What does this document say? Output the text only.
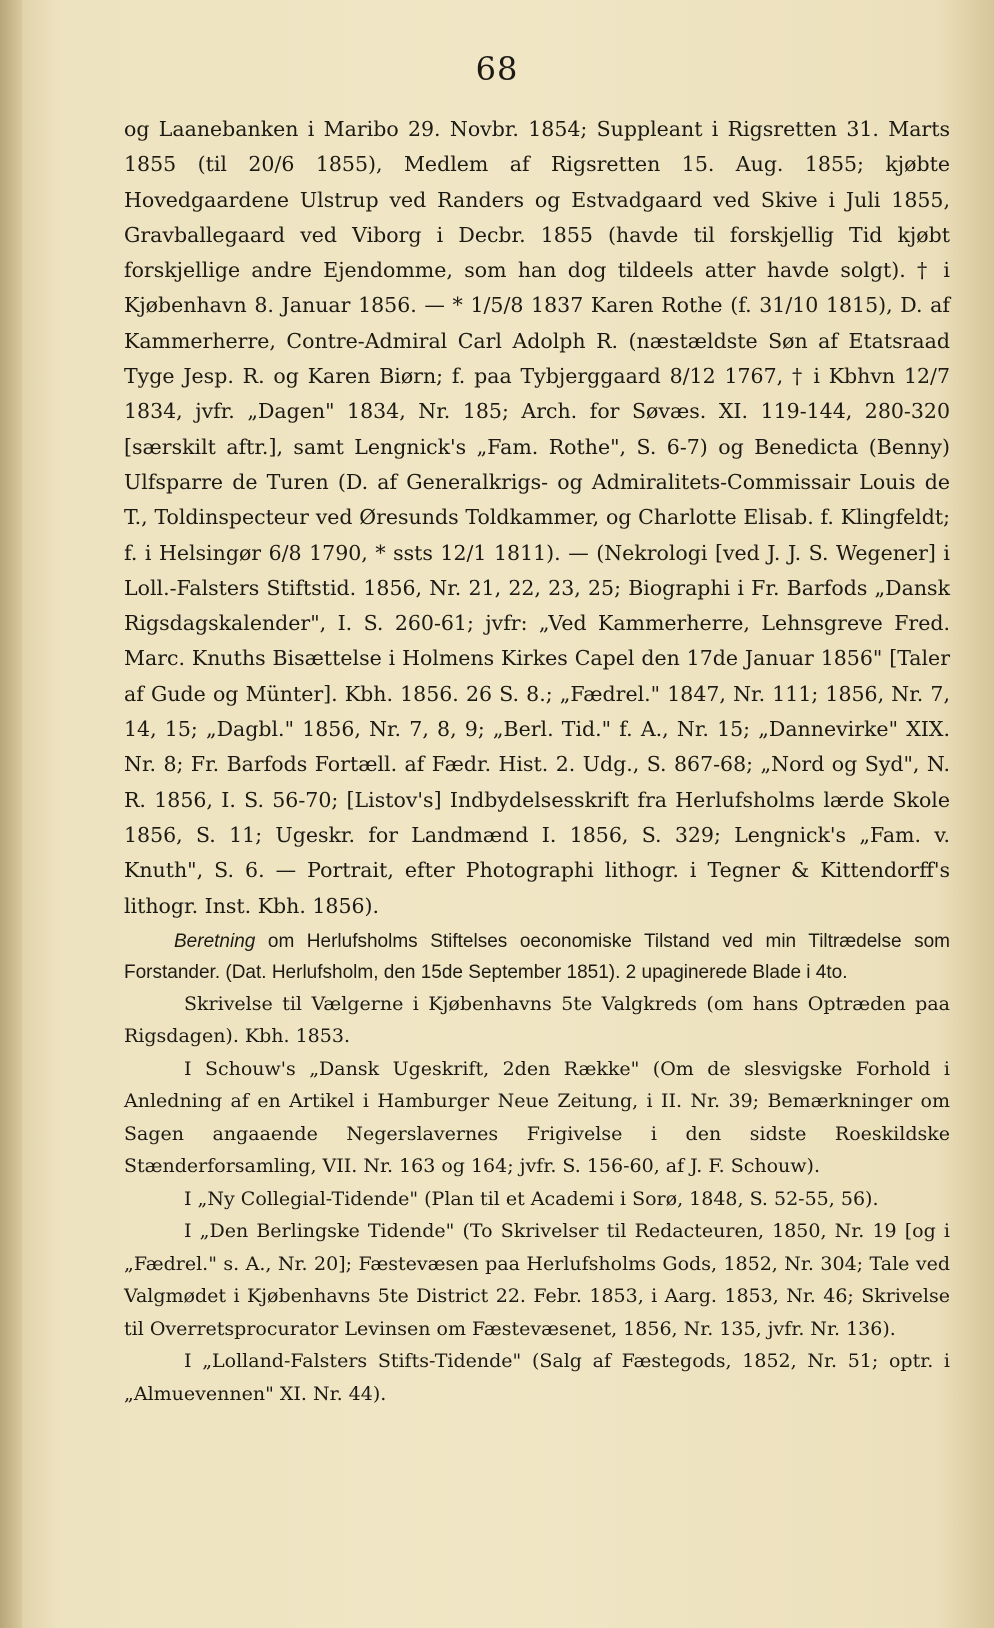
68

og Laanebanken i Maribo 29. Novbr. 1854; Suppleant i Rigsretten 31. Marts 1855 (til 20/6 1855), Medlem af Rigsretten 15. Aug. 1855; kjøbte Hovedgaardene Ulstrup ved Randers og Estvadgaard ved Skive i Juli 1855, Gravballegaard ved Viborg i Decbr. 1855 (havde til forskjellig Tid kjøbt forskjellige andre Ejendomme, som han dog tildeels atter havde solgt). † i Kjøbenhavn 8. Januar 1856. — * 1/5/8 1837 Karen Rothe (f. 31/10 1815), D. af Kammerherre, Contre-Admiral Carl Adolph R. (næstældste Søn af Etatsraad Tyge Jesp. R. og Karen Biørn; f. paa Tybjerggaard 8/12 1767, † i Kbhvn 12/7 1834, jvfr. „Dagen" 1834, Nr. 185; Arch. for Søvæs. XI. 119-144, 280-320 [særskilt aftr.], samt Lengnick's „Fam. Rothe", S. 6-7) og Benedicta (Benny) Ulfsparre de Turen (D. af Generalkrigs- og Admiralitets-Commissair Louis de T., Toldinspecteur ved Øresunds Toldkammer, og Charlotte Elisab. f. Klingfeldt; f. i Helsingør 6/8 1790, * ssts 12/1 1811). — (Nekrologi [ved J. J. S. Wegener] i Loll.-Falsters Stiftstid. 1856, Nr. 21, 22, 23, 25; Biographi i Fr. Barfods „Dansk Rigsdagskalender", I. S. 260-61; jvfr: „Ved Kammerherre, Lehnsgreve Fred. Marc. Knuths Bisættelse i Holmens Kirkes Capel den 17de Januar 1856" [Taler af Gude og Münter]. Kbh. 1856. 26 S. 8.; „Fædrel." 1847, Nr. 111; 1856, Nr. 7, 14, 15; „Dagbl." 1856, Nr. 7, 8, 9; „Berl. Tid." f. A., Nr. 15; „Dannevirke" XIX. Nr. 8; Fr. Barfods Fortæll. af Fædr. Hist. 2. Udg., S. 867-68; „Nord og Syd", N. R. 1856, I. S. 56-70; [Listov's] Indbydelsesskrift fra Herlufsholms lærde Skole 1856, S. 11; Ugeskr. for Landmænd I. 1856, S. 329; Lengnick's „Fam. v. Knuth", S. 6. — Portrait, efter Photographi lithogr. i Tegner & Kittendorff's lithogr. Inst. Kbh. 1856).

Beretning om Herlufsholms Stiftelses oeconomiske Tilstand ved min Tiltrædelse som Forstander. (Dat. Herlufsholm, den 15de September 1851). 2 upaginerede Blade i 4to.

Skrivelse til Vælgerne i Kjøbenhavns 5te Valgkreds (om hans Optræden paa Rigsdagen). Kbh. 1853.

I Schouw's „Dansk Ugeskrift, 2den Række" (Om de slesvigske Forhold i Anledning af en Artikel i Hamburger Neue Zeitung, i II. Nr. 39; Bemærkninger om Sagen angaaende Negerslavernes Frigivelse i den sidste Roeskildske Stænderforsamling, VII. Nr. 163 og 164; jvfr. S. 156-60, af J. F. Schouw).

I „Ny Collegial-Tidende" (Plan til et Academi i Sorø, 1848, S. 52-55, 56).

I „Den Berlingske Tidende" (To Skrivelser til Redacteuren, 1850, Nr. 19 [og i „Fædrel." s. A., Nr. 20]; Fæstevæsen paa Herlufsholms Gods, 1852, Nr. 304; Tale ved Valgmødet i Kjøbenhavns 5te District 22. Febr. 1853, i Aarg. 1853, Nr. 46; Skrivelse til Overretsprocurator Levinsen om Fæstevæsenet, 1856, Nr. 135, jvfr. Nr. 136).

I „Lolland-Falsters Stifts-Tidende" (Salg af Fæstegods, 1852, Nr. 51; optr. i „Almuevennen" XI. Nr. 44).
